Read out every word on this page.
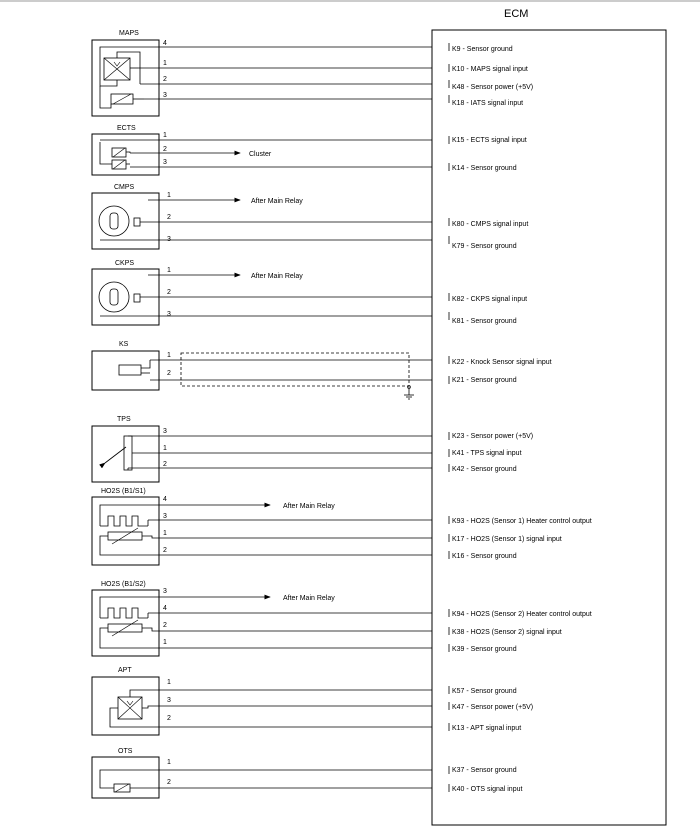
ECM
MAPS
4
1
2
3
K9 - Sensor ground
K10 - MAPS signal input
K48 - Sensor power (+5V)
K18 - IATS signal input
ECTS
1
2
3
Cluster
K15 - ECTS signal input
K14 - Sensor ground
CMPS
1
2
3
After Main Relay
K80 - CMPS signal input
K79 - Sensor ground
CKPS
1
2
3
After Main Relay
K82 - CKPS signal input
K81 - Sensor ground
KS
1
2
K22 - Knock Sensor signal input
K21 - Sensor ground
TPS
3
1
2
K23 - Sensor power (+5V)
K41 - TPS signal input
K42 - Sensor ground
HO2S (B1/S1)
4
3
1
2
After Main Relay
K93 - HO2S (Sensor 1) Heater control output
K17 - HO2S (Sensor 1) signal input
K16 - Sensor ground
HO2S (B1/S2)
3
4
2
1
After Main Relay
K94 - HO2S (Sensor 2) Heater control output
K38 - HO2S (Sensor 2) signal input
K39 - Sensor ground
APT
1
3
2
K57 - Sensor ground
K47 - Sensor power (+5V)
K13 - APT signal input
OTS
1
2
K37 - Sensor ground
K40 - OTS signal input
